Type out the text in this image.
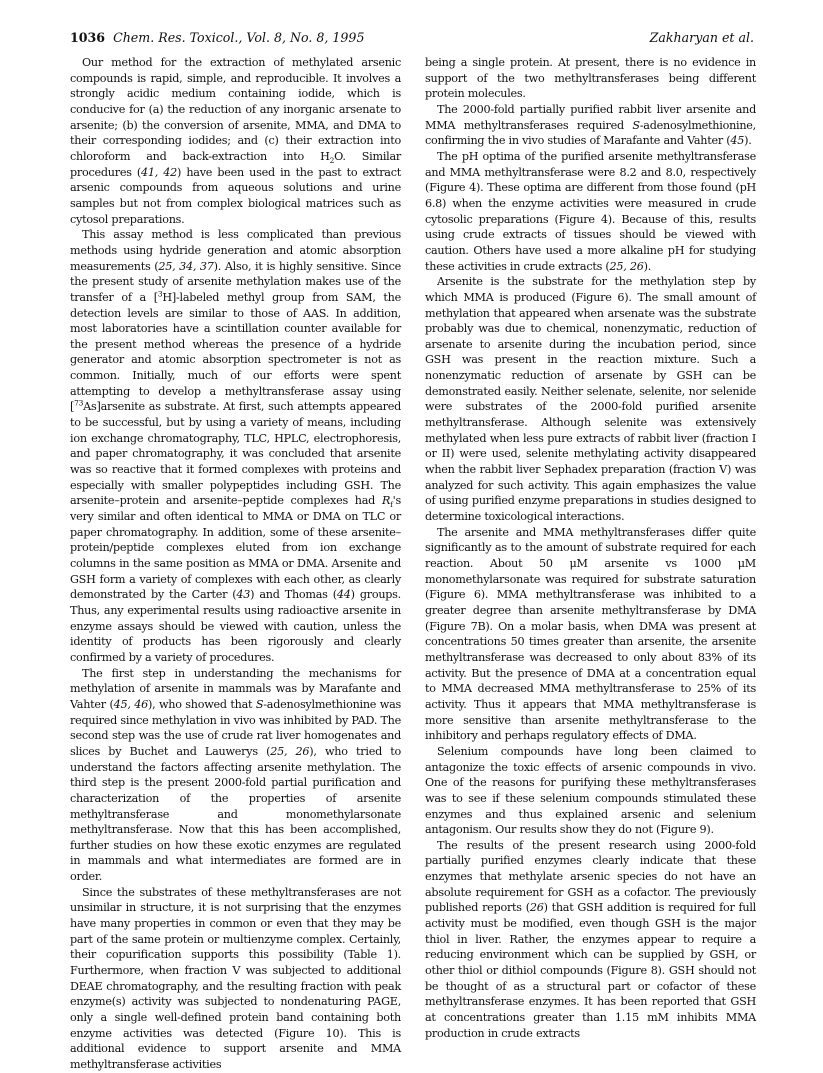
1036 Chem. Res. Toxicol., Vol. 8, No. 8, 1995	Zakharyan et al.

Our method for the extraction of methylated arsenic compounds is rapid, simple, and reproducible. It involves a strongly acidic medium containing iodide, which is conducive for (a) the reduction of any inorganic arsenate to arsenite; (b) the conversion of arsenite, MMA, and DMA to their corresponding iodides; and (c) their extraction into chloroform and back-extraction into $H_2O$. Similar procedures (41, 42) have been used in the past to extract arsenic compounds from aqueous solutions and urine samples but not from complex biological matrices such as cytosol preparations.

This assay method is less complicated than previous methods using hydride generation and atomic absorption measurements (25, 34, 37). Also, it is highly sensitive. Since the present study of arsenite methylation makes use of the transfer of a [$^3$H]-labeled methyl group from SAM, the detection levels are similar to those of AAS. In addition, most laboratories have a scintillation counter available for the present method whereas the presence of a hydride generator and atomic absorption spectrometer is not as common. Initially, much of our efforts were spent attempting to develop a methyltransferase assay using [$^{73}$As]arsenite as substrate. At first, such attempts appeared to be successful, but by using a variety of means, including ion exchange chromatography, TLC, HPLC, electrophoresis, and paper chromatography, it was concluded that arsenite was so reactive that it formed complexes with proteins and especially with smaller polypeptides including GSH. The arsenite–protein and arsenite–peptide complexes had $R_f's$ very similar and often identical to MMA or DMA on TLC or paper chromatography. In addition, some of these arsenite–protein/peptide complexes eluted from ion exchange columns in the same position as MMA or DMA. Arsenite and GSH form a variety of complexes with each other, as clearly demonstrated by the Carter (43) and Thomas (44) groups. Thus, any experimental results using radioactive arsenite in enzyme assays should be viewed with caution, unless the identity of products has been rigorously and clearly confirmed by a variety of procedures.

The first step in understanding the mechanisms for methylation of arsenite in mammals was by Marafante and Vahter (45, 46), who showed that S-adenosylmethionine was required since methylation in vivo was inhibited by PAD. The second step was the use of crude rat liver homogenates and slices by Buchet and Lauwerys (25, 26), who tried to understand the factors affecting arsenite methylation. The third step is the present 2000-fold partial purification and characterization of the properties of arsenite methyltransferase and monomethylarsonate methyltransferase. Now that this has been accomplished, further studies on how these exotic enzymes are regulated in mammals and what intermediates are formed are in order.

Since the substrates of these methyltransferases are not unsimilar in structure, it is not surprising that the enzymes have many properties in common or even that they may be part of the same protein or multienzyme complex. Certainly, their copurification supports this possibility (Table 1). Furthermore, when fraction V was subjected to additional DEAE chromatography, and the resulting fraction with peak enzyme(s) activity was subjected to nondenaturing PAGE, only a single well-defined protein band containing both enzyme activities was detected (Figure 10). This is additional evidence to support arsenite and MMA methyltransferase activities

being a single protein. At present, there is no evidence in support of the two methyltransferases being different protein molecules.

The 2000-fold partially purified rabbit liver arsenite and MMA methyltransferases required S-adenosylmethionine, confirming the in vivo studies of Marafante and Vahter (45).

The pH optima of the purified arsenite methyltransferase and MMA methyltransferase were 8.2 and 8.0, respectively (Figure 4). These optima are different from those found (pH 6.8) when the enzyme activities were measured in crude cytosolic preparations (Figure 4). Because of this, results using crude extracts of tissues should be viewed with caution. Others have used a more alkaline pH for studying these activities in crude extracts (25, 26).

Arsenite is the substrate for the methylation step by which MMA is produced (Figure 6). The small amount of methylation that appeared when arsenate was the substrate probably was due to chemical, nonenzymatic, reduction of arsenate to arsenite during the incubation period, since GSH was present in the reaction mixture. Such a nonenzymatic reduction of arsenate by GSH can be demonstrated easily. Neither selenate, selenite, nor selenide were substrates of the 2000-fold purified arsenite methyltransferase. Although selenite was extensively methylated when less pure extracts of rabbit liver (fraction I or II) were used, selenite methylating activity disappeared when the rabbit liver Sephadex preparation (fraction V) was analyzed for such activity. This again emphasizes the value of using purified enzyme preparations in studies designed to determine toxicological interactions.

The arsenite and MMA methyltransferases differ quite significantly as to the amount of substrate required for each reaction. About 50 μM arsenite vs 1000 μM monomethylarsonate was required for substrate saturation (Figure 6). MMA methyltransferase was inhibited to a greater degree than arsenite methyltransferase by DMA (Figure 7B). On a molar basis, when DMA was present at concentrations 50 times greater than arsenite, the arsenite methyltransferase was decreased to only about 83% of its activity. But the presence of DMA at a concentration equal to MMA decreased MMA methyltransferase to 25% of its activity. Thus it appears that MMA methyltransferase is more sensitive than arsenite methyltransferase to the inhibitory and perhaps regulatory effects of DMA.

Selenium compounds have long been claimed to antagonize the toxic effects of arsenic compounds in vivo. One of the reasons for purifying these methyltransferases was to see if these selenium compounds stimulated these enzymes and thus explained arsenic and selenium antagonism. Our results show they do not (Figure 9).

The results of the present research using 2000-fold partially purified enzymes clearly indicate that these enzymes that methylate arsenic species do not have an absolute requirement for GSH as a cofactor. The previously published reports (26) that GSH addition is required for full activity must be modified, even though GSH is the major thiol in liver. Rather, the enzymes appear to require a reducing environment which can be supplied by GSH, or other thiol or dithiol compounds (Figure 8). GSH should not be thought of as a structural part or cofactor of these methyltransferase enzymes. It has been reported that GSH at concentrations greater than 1.15 mM inhibits MMA production in crude extracts
